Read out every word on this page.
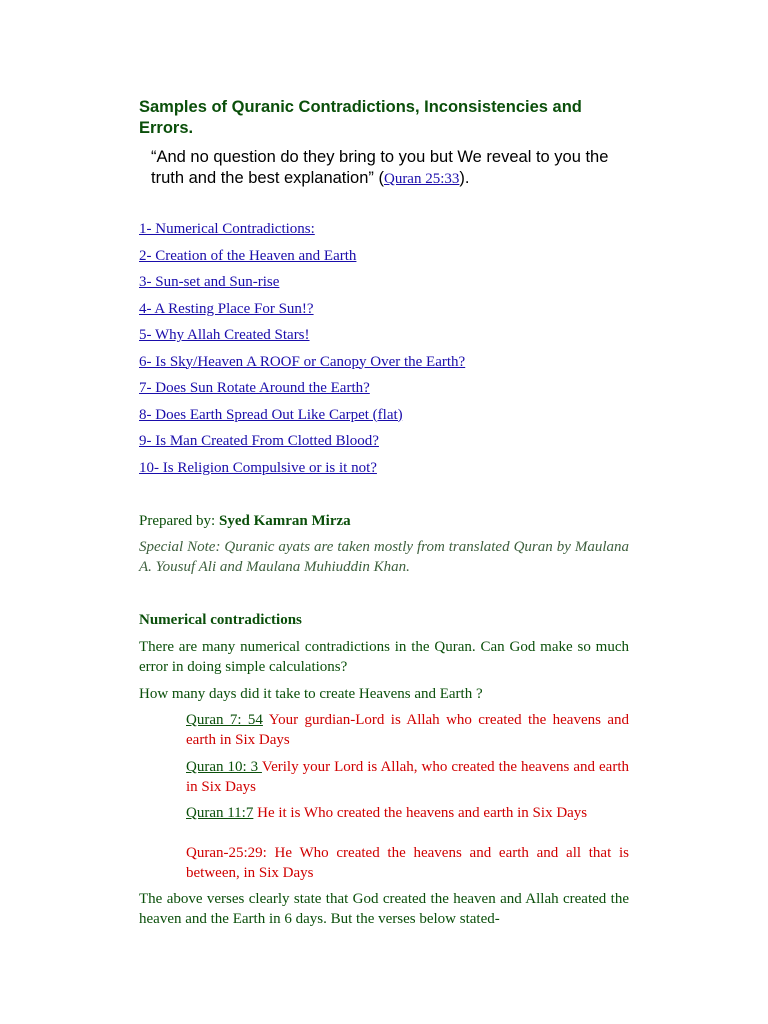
Samples of Quranic Contradictions, Inconsistencies and Errors.
“And no question do they bring to you but We reveal to you the truth and the best explanation” (Quran 25:33).
1- Numerical Contradictions:
2- Creation of the Heaven and Earth
3- Sun-set and Sun-rise
4- A Resting Place For Sun!?
5- Why Allah Created Stars!
6- Is Sky/Heaven A ROOF or Canopy Over the Earth?
7- Does Sun Rotate Around the Earth?
8- Does Earth Spread Out Like Carpet (flat)
9- Is Man Created From Clotted Blood?
10- Is Religion Compulsive or is it not?
Prepared by: Syed Kamran Mirza
Special Note: Quranic ayats are taken mostly from translated Quran by Maulana A. Yousuf Ali and Maulana Muhiuddin Khan.
Numerical contradictions
There are many numerical contradictions in the Quran. Can God make so much error in doing simple calculations?
How many days did it take to create Heavens and Earth ?
Quran 7: 54 Your gurdian-Lord is Allah who created the heavens and earth in Six Days
Quran 10: 3 Verily your Lord is Allah, who created the heavens and earth in Six Days
Quran 11:7 He it is Who created the heavens and earth in Six Days
Quran-25:29: He Who created the heavens and earth and all that is between, in Six Days
The above verses clearly state that God created the heaven and Allah created the heaven and the Earth in 6 days. But the verses below stated-
